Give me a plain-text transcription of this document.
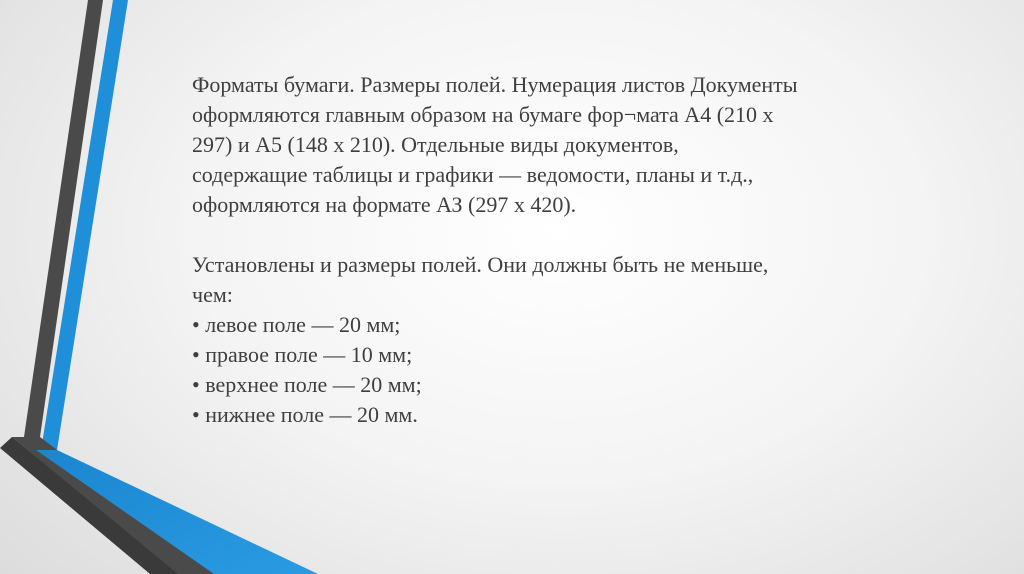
Форматы бумаги. Размеры полей. Нумерация листов Документы
оформляются главным образом на бумаге фор¬мата А4 (210 х
297) и А5 (148 х 210). Отдельные виды документов,
содержащие таблицы и графики — ведомости, планы и т.д.,
оформляются на формате АЗ (297 х 420).

Установлены и размеры полей. Они должны быть не меньше,
чем:
• левое поле — 20 мм;
• правое поле — 10 мм;
• верхнее поле — 20 мм;
• нижнее поле — 20 мм.
